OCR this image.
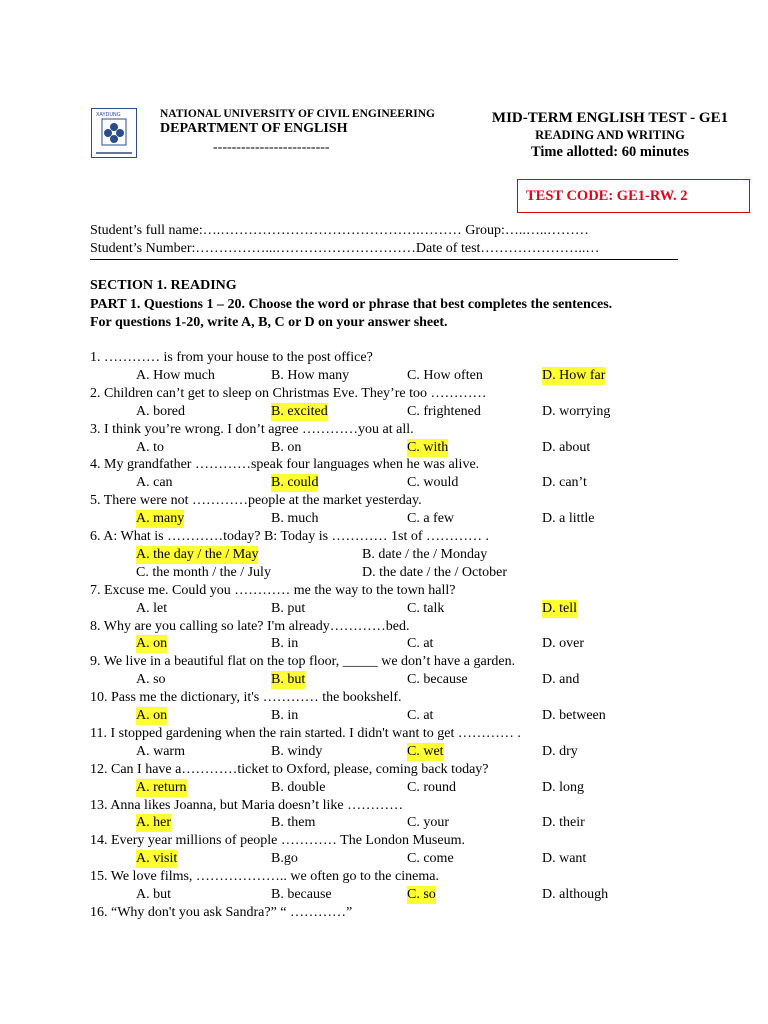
XAYDUNG	NATIONAL UNIVERSITY OF CIVIL ENGINEERING
DEPARTMENT OF ENGLISH
-------------------------
MID-TERM ENGLISH TEST - GE1
READING AND WRITING
Time allotted: 60 minutes
TEST CODE: GE1-RW. 2
Student’s full name:….…………………………………….……… Group:…..…..………
Student’s Number:……………...…………………………Date of test…………………..…
SECTION 1. READING
PART 1. Questions 1 – 20. Choose the word or phrase that best completes the sentences.
For questions 1-20, write A, B, C or D on your answer sheet.
1. ………… is from your house to the post office?
A. How much	B. How many	C. How often	D. How far
2. Children can’t get to sleep on Christmas Eve. They’re too …………
A. bored	B. excited	C. frightened	D. worrying
3. I think you’re wrong. I don’t agree …………you at all.
A. to	B. on	C. with	D. about
4. My grandfather …………speak four languages when he was alive.
A. can	B. could	C. would	D. can’t
5. There were not …………people at the market yesterday.
A. many	B. much	C. a few	D. a little
6. A: What is …………today? B: Today is ………… 1st of ………… .
A. the day / the / May	B. date / the / Monday
C. the month / the / July	D. the date / the / October
7. Excuse me. Could you ………… me the way to the town hall?
A. let	B. put	C. talk	D. tell
8. Why are you calling so late? I'm already…………bed.
A. on	B. in	C. at	D. over
9. We live in a beautiful flat on the top floor, _____ we don’t have a garden.
A. so	B. but	C. because	D. and
10. Pass me the dictionary, it's ………… the bookshelf.
A. on	B. in	C. at	D. between
11. I stopped gardening when the rain started. I didn't want to get ………… .
A. warm	B. windy	C. wet	D. dry
12. Can I have a…………ticket to Oxford, please, coming back today?
A. return	B. double	C. round	D. long
13. Anna likes Joanna, but Maria doesn’t like …………
A. her	B. them	C. your	D. their
14. Every year millions of people ………… The London Museum.
A. visit	B.go	C. come	D. want
15. We love films, ……………….. we often go to the cinema.
A. but	B. because	C. so	D. although
16. “Why don't you ask Sandra?” “ …………”
